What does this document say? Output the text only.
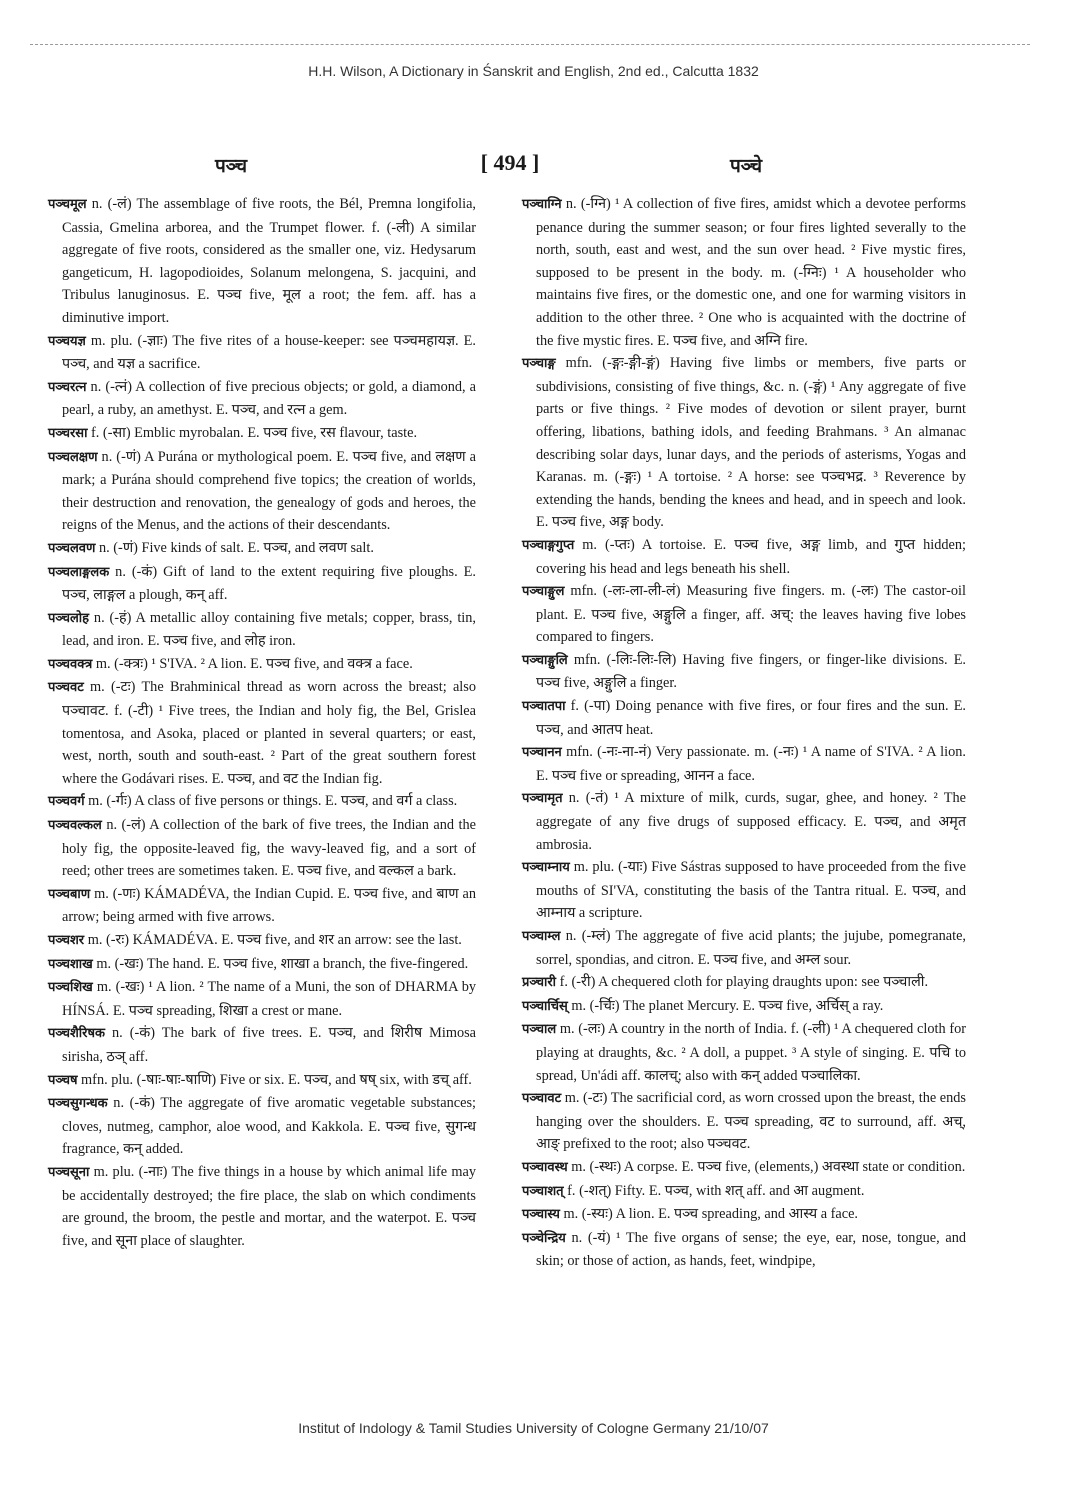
H.H. Wilson, A Dictionary in Śanskrit and English, 2nd ed., Calcutta 1832
पञ्च	[ 494 ]	पञ्चे
पञ्चमूल n. (-लं) The assemblage of five roots, the Bél, Premna longifolia, Cassia, Gmelina arborea, and the Trumpet flower. f. (-ली) A similar aggregate of five roots, considered as the smaller one, viz. Hedysarum gangeticum, H. lagopodioides, Solanum melongena, S. jacquini, and Tribulus lanuginosus. E. पञ्च five, मूल a root; the fem. aff. has a diminutive import.
पञ्चयज्ञ m. plu. (-ज्ञाः) The five rites of a house-keeper: see पञ्चमहायज्ञ. E. पञ्च, and यज्ञ a sacrifice.
पञ्चरत्न n. (-त्नं) A collection of five precious objects; or gold, a diamond, a pearl, a ruby, an amethyst. E. पञ्च, and रत्न a gem.
पञ्चरसा f. (-सा) Emblic myrobalan. E. पञ्च five, रस flavour, taste.
पञ्चलक्षण n. (-णं) A Purána or mythological poem. E. पञ्च five, and लक्षण a mark; a Purána should comprehend five topics; the creation of worlds, their destruction and renovation, the genealogy of gods and heroes, the reigns of the Menus, and the actions of their descendants.
पञ्चलवण n. (-णं) Five kinds of salt. E. पञ्च, and लवण salt.
पञ्चलाङ्गलक n. (-कं) Gift of land to the extent requiring five ploughs. E. पञ्च, लाङ्गल a plough, कन् aff.
पञ्चलोह n. (-हं) A metallic alloy containing five metals; copper, brass, tin, lead, and iron. E. पञ्च five, and लोह iron.
पञ्चवक्त्र m. (-क्त्रः) ¹ S'IVA. ² A lion. E. पञ्च five, and वक्त्र a face.
पञ्चवट m. (-टः) The Brahminical thread as worn across the breast; also पञ्चावट. f. (-टी) ¹ Five trees, the Indian and holy fig, the Bel, Grislea tomentosa, and Asoka, placed or planted in several quarters; or east, west, north, south and south-east. ² Part of the great southern forest where the Godávari rises. E. पञ्च, and वट the Indian fig.
पञ्चवर्ग m. (-र्गः) A class of five persons or things. E. पञ्च, and वर्ग a class.
पञ्चवल्कल n. (-लं) A collection of the bark of five trees, the Indian and the holy fig, the opposite-leaved fig, the wavy-leaved fig, and a sort of reed; other trees are sometimes taken. E. पञ्च five, and वल्कल a bark.
पञ्चबाण m. (-णः) KÁMADÉVA, the Indian Cupid. E. पञ्च five, and बाण an arrow; being armed with five arrows.
पञ्चशर m. (-रः) KÁMADÉVA. E. पञ्च five, and शर an arrow: see the last.
पञ्चशाख m. (-खः) The hand. E. पञ्च five, शाखा a branch, the five-fingered.
पञ्चशिख m. (-खः) ¹ A lion. ² The name of a Muni, the son of DHARMA by HÍNSÁ. E. पञ्च spreading, शिखा a crest or mane.
पञ्चशैरिषक n. (-कं) The bark of five trees. E. पञ्च, and शिरीष Mimosa sirisha, ठञ् aff.
पञ्चष mfn. plu. (-षाः-षाः-षाणि) Five or six. E. पञ्च, and षष् six, with डच् aff.
पञ्चसुगन्धक n. (-कं) The aggregate of five aromatic vegetable substances; cloves, nutmeg, camphor, aloe wood, and Kakkola. E. पञ्च five, सुगन्ध fragrance, कन् added.
पञ्चसूना m. plu. (-नाः) The five things in a house by which animal life may be accidentally destroyed; the fire place, the slab on which condiments are ground, the broom, the pestle and mortar, and the waterpot. E. पञ्च five, and सूना place of slaughter.
पञ्चाग्नि n. (-ग्नि) ¹ A collection of five fires, amidst which a devotee performs penance during the summer season; or four fires lighted severally to the north, south, east and west, and the sun over head. ² Five mystic fires, supposed to be present in the body. m. (-ग्निः) ¹ A householder who maintains five fires, or the domestic one, and one for warming visitors in addition to the other three. ² One who is acquainted with the doctrine of the five mystic fires. E. पञ्च five, and अग्नि fire.
पञ्चाङ्ग mfn. (-ङ्गः-ङ्गी-ङ्गं) Having five limbs or members, five parts or subdivisions, consisting of five things, &c. n. (-ङ्गं) ¹ Any aggregate of five parts or five things. ² Five modes of devotion or silent prayer, burnt offering, libations, bathing idols, and feeding Brahmans. ³ An almanac describing solar days, lunar days, and the periods of asterisms, Yogas and Karanas. m. (-ङ्गः) ¹ A tortoise. ² A horse: see पञ्चभद्र. ³ Reverence by extending the hands, bending the knees and head, and in speech and look. E. पञ्च five, अङ्ग body.
पञ्चाङ्गगुप्त m. (-प्तः) A tortoise. E. पञ्च five, अङ्ग limb, and गुप्त hidden; covering his head and legs beneath his shell.
पञ्चाङ्गुल mfn. (-लः-ला-ली-लं) Measuring five fingers. m. (-लः) The castor-oil plant. E. पञ्च five, अङ्गुलि a finger, aff. अच्: the leaves having five lobes compared to fingers.
पञ्चाङ्गुलि mfn. (-लिः-लिः-लि) Having five fingers, or finger-like divisions. E. पञ्च five, अङ्गुलि a finger.
पञ्चातपा f. (-पा) Doing penance with five fires, or four fires and the sun. E. पञ्च, and आतप heat.
पञ्चानन mfn. (-नः-ना-नं) Very passionate. m. (-नः) ¹ A name of S'IVA. ² A lion. E. पञ्च five or spreading, आनन a face.
पञ्चामृत n. (-तं) ¹ A mixture of milk, curds, sugar, ghee, and honey. ² The aggregate of any five drugs of supposed efficacy. E. पञ्च, and अमृत ambrosia.
पञ्चाम्नाय m. plu. (-याः) Five Sástras supposed to have proceeded from the five mouths of SI'VA, constituting the basis of the Tantra ritual. E. पञ्च, and आम्नाय a scripture.
पञ्चाम्ल n. (-म्लं) The aggregate of five acid plants; the jujube, pomegranate, sorrel, spondias, and citron. E. पञ्च five, and अम्ल sour.
प्रञ्चारी f. (-री) A chequered cloth for playing draughts upon: see पञ्चाली.
पञ्चार्चिस् m. (-र्चिः) The planet Mercury. E. पञ्च five, अर्चिस् a ray.
पञ्चाल m. (-लः) A country in the north of India. f. (-ली) ¹ A chequered cloth for playing at draughts, &c. ² A doll, a puppet. ³ A style of singing. E. पचि to spread, Un'ádi aff. कालच्; also with कन् added पञ्चालिका.
पञ्चावट m. (-टः) The sacrificial cord, as worn crossed upon the breast, the ends hanging over the shoulders. E. पञ्च spreading, वट to surround, aff. अच्, आङ् prefixed to the root; also पञ्चवट.
पञ्चावस्थ m. (-स्थः) A corpse. E. पञ्च five, (elements,) अवस्था state or condition.
पञ्चाशत् f. (-शत्) Fifty. E. पञ्च, with शत् aff. and आ augment.
पञ्चास्य m. (-स्यः) A lion. E. पञ्च spreading, and आस्य a face.
पञ्चेन्द्रिय n. (-यं) ¹ The five organs of sense; the eye, ear, nose, tongue, and skin; or those of action, as hands, feet, windpipe,
Institut of Indology & Tamil Studies University of Cologne Germany 21/10/07
